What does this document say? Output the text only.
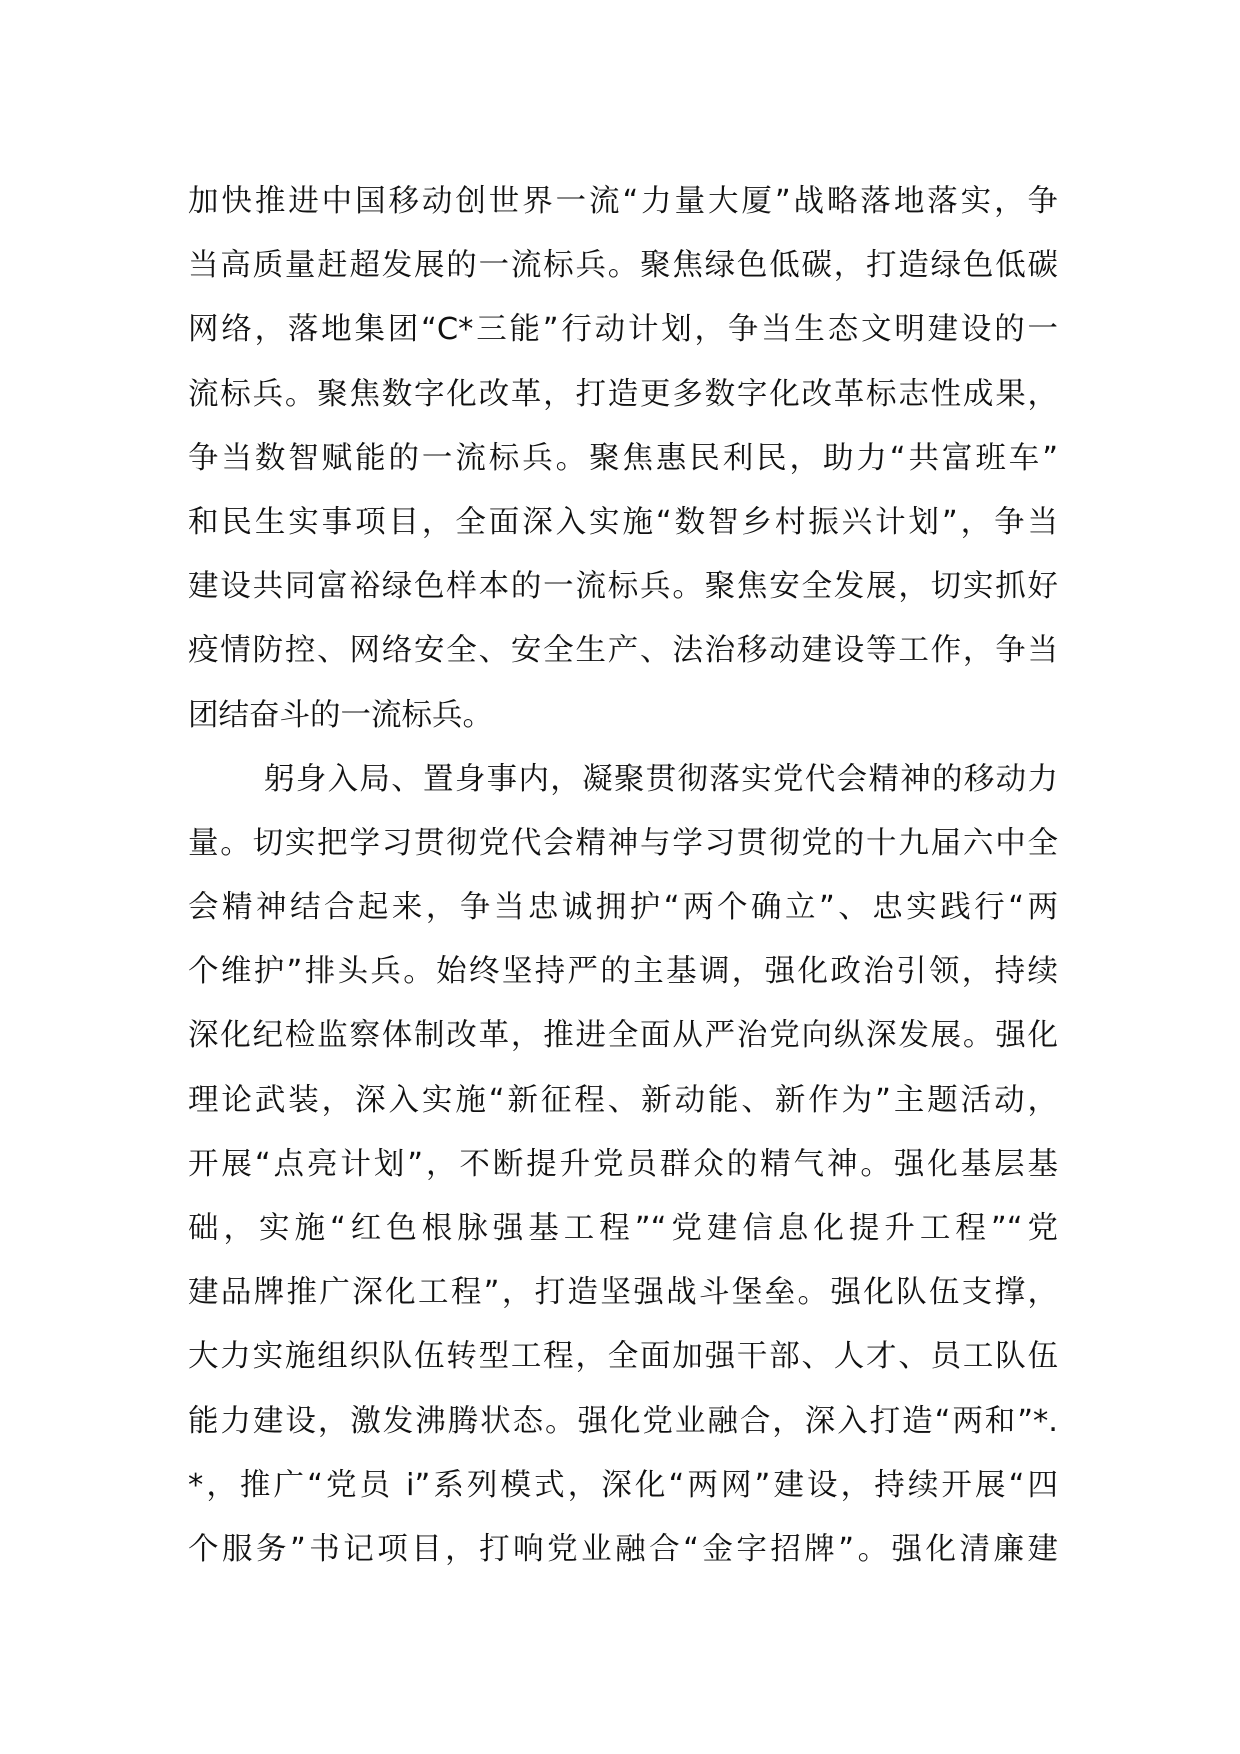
加快推进中国移动创世界一流“力量大厦”战略落地落实，争
当高质量赶超发展的一流标兵。聚焦绿色低碳，打造绿色低碳
网络，落地集团“C*三能”行动计划，争当生态文明建设的一
流标兵。聚焦数字化改革，打造更多数字化改革标志性成果，
争当数智赋能的一流标兵。聚焦惠民利民，助力“共富班车”
和民生实事项目，全面深入实施“数智乡村振兴计划”，争当
建设共同富裕绿色样本的一流标兵。聚焦安全发展，切实抓好
疫情防控、网络安全、安全生产、法治移动建设等工作，争当
团结奋斗的一流标兵。
躬身入局、置身事内，凝聚贯彻落实党代会精神的移动力
量。切实把学习贯彻党代会精神与学习贯彻党的十九届六中全
会精神结合起来，争当忠诚拥护“两个确立”、忠实践行“两
个维护”排头兵。始终坚持严的主基调，强化政治引领，持续
深化纪检监察体制改革，推进全面从严治党向纵深发展。强化
理论武装，深入实施“新征程、新动能、新作为”主题活动，
开展“点亮计划”，不断提升党员群众的精气神。强化基层基
础，实施“红色根脉强基工程”“党建信息化提升工程”“党
建品牌推广深化工程”，打造坚强战斗堡垒。强化队伍支撑，
大力实施组织队伍转型工程，全面加强干部、人才、员工队伍
能力建设，激发沸腾状态。强化党业融合，深入打造“两和”*.
*，推广“党员 i”系列模式，深化“两网”建设，持续开展“四
个服务”书记项目，打响党业融合“金字招牌”。强化清廉建
